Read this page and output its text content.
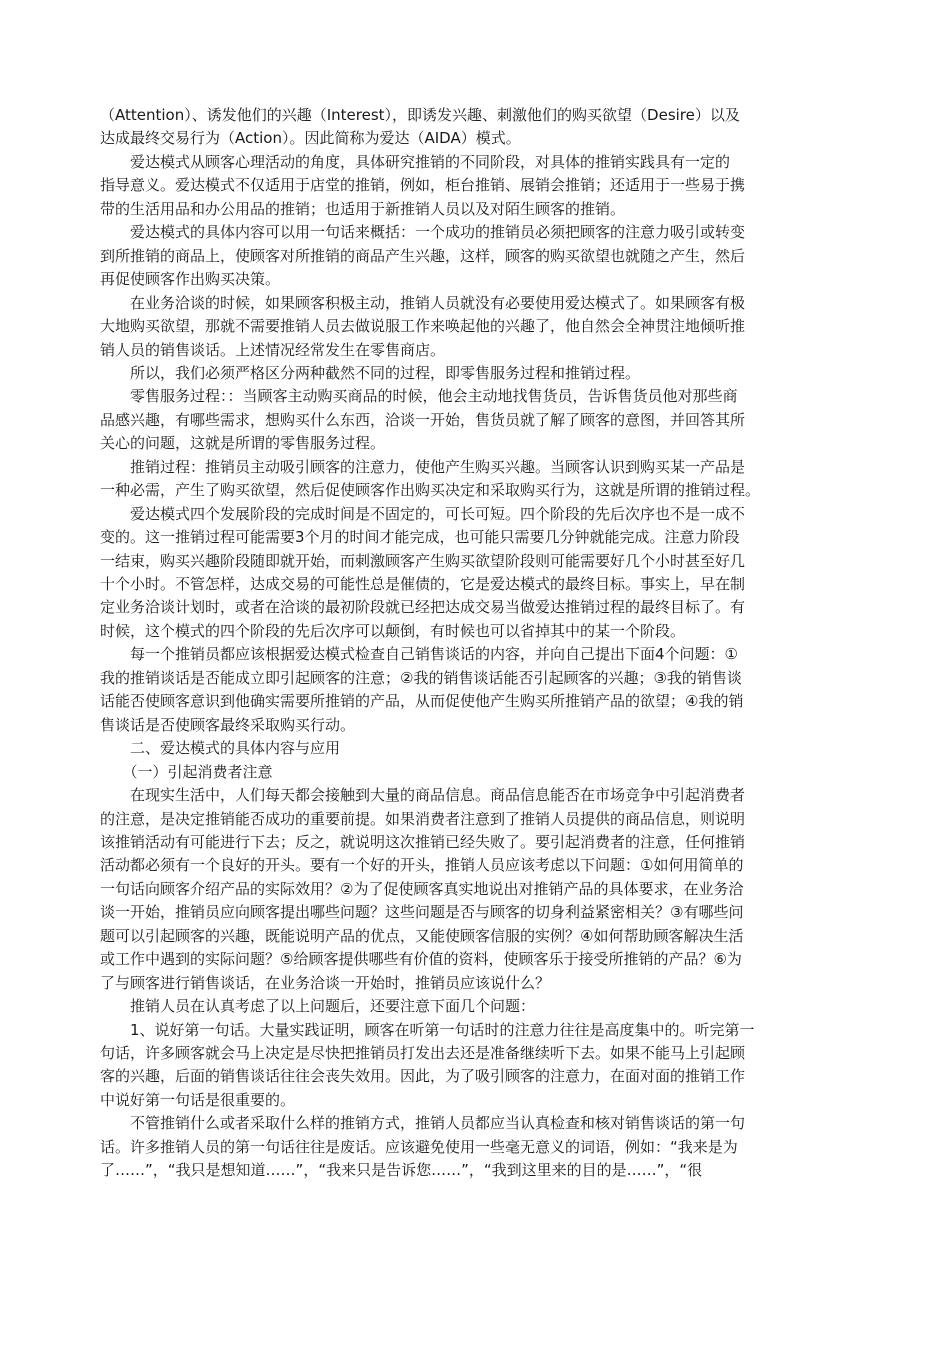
（Attention）、诱发他们的兴趣（Interest），即诱发兴趣、刺激他们的购买欲望（Desire）以及
达成最终交易行为（Action）。因此简称为爱达（AIDA）模式。
　　爱达模式从顾客心理活动的角度，具体研究推销的不同阶段，对具体的推销实践具有一定的
指导意义。爱达模式不仅适用于店堂的推销，例如，柜台推销、展销会推销；还适用于一些易于携
带的生活用品和办公用品的推销；也适用于新推销人员以及对陌生顾客的推销。
　　爱达模式的具体内容可以用一句话来概括：一个成功的推销员必须把顾客的注意力吸引或转变
到所推销的商品上，使顾客对所推销的商品产生兴趣，这样，顾客的购买欲望也就随之产生，然后
再促使顾客作出购买决策。
　　在业务洽谈的时候，如果顾客积极主动，推销人员就没有必要使用爱达模式了。如果顾客有极
大地购买欲望，那就不需要推销人员去做说服工作来唤起他的兴趣了，他自然会全神贯注地倾听推
销人员的销售谈话。上述情况经常发生在零售商店。
　　所以，我们必须严格区分两种截然不同的过程，即零售服务过程和推销过程。
　　零售服务过程：：当顾客主动购买商品的时候，他会主动地找售货员，告诉售货员他对那些商
品感兴趣，有哪些需求，想购买什么东西，洽谈一开始，售货员就了解了顾客的意图，并回答其所
关心的问题，这就是所谓的零售服务过程。
　　推销过程：推销员主动吸引顾客的注意力，使他产生购买兴趣。当顾客认识到购买某一产品是
一种必需，产生了购买欲望，然后促使顾客作出购买决定和采取购买行为，这就是所谓的推销过程。
　　爱达模式四个发展阶段的完成时间是不固定的，可长可短。四个阶段的先后次序也不是一成不
变的。这一推销过程可能需要3个月的时间才能完成，也可能只需要几分钟就能完成。注意力阶段
一结束，购买兴趣阶段随即就开始，而刺激顾客产生购买欲望阶段则可能需要好几个小时甚至好几
十个小时。不管怎样，达成交易的可能性总是催债的，它是爱达模式的最终目标。事实上，早在制
定业务洽谈计划时，或者在洽谈的最初阶段就已经把达成交易当做爱达推销过程的最终目标了。有
时候，这个模式的四个阶段的先后次序可以颠倒，有时候也可以省掉其中的某一个阶段。
　　每一个推销员都应该根据爱达模式检查自己销售谈话的内容，并向自己提出下面4个问题：①
我的推销谈话是否能成立即引起顾客的注意；②我的销售谈话能否引起顾客的兴趣；③我的销售谈
话能否使顾客意识到他确实需要所推销的产品，从而促使他产生购买所推销产品的欲望；④我的销
售谈话是否使顾客最终采取购买行动。
　　二、爱达模式的具体内容与应用
　　（一）引起消费者注意
　　在现实生活中，人们每天都会接触到大量的商品信息。商品信息能否在市场竞争中引起消费者
的注意，是决定推销能否成功的重要前提。如果消费者注意到了推销人员提供的商品信息，则说明
该推销活动有可能进行下去；反之，就说明这次推销已经失败了。要引起消费者的注意，任何推销
活动都必须有一个良好的开头。要有一个好的开头，推销人员应该考虑以下问题：①如何用简单的
一句话向顾客介绍产品的实际效用？②为了促使顾客真实地说出对推销产品的具体要求，在业务洽
谈一开始，推销员应向顾客提出哪些问题？这些问题是否与顾客的切身利益紧密相关？③有哪些问
题可以引起顾客的兴趣，既能说明产品的优点，又能使顾客信服的实例？④如何帮助顾客解决生活
或工作中遇到的实际问题？⑤给顾客提供哪些有价值的资料，使顾客乐于接受所推销的产品？⑥为
了与顾客进行销售谈话，在业务洽谈一开始时，推销员应该说什么？
　　推销人员在认真考虑了以上问题后，还要注意下面几个问题：
　　1、说好第一句话。大量实践证明，顾客在听第一句话时的注意力往往是高度集中的。听完第一
句话，许多顾客就会马上决定是尽快把推销员打发出去还是准备继续听下去。如果不能马上引起顾
客的兴趣，后面的销售谈话往往会丧失效用。因此，为了吸引顾客的注意力，在面对面的推销工作
中说好第一句话是很重要的。
　　不管推销什么或者采取什么样的推销方式，推销人员都应当认真检查和核对销售谈话的第一句
话。许多推销人员的第一句话往往是废话。应该避免使用一些毫无意义的词语，例如：“我来是为
了……”，“我只是想知道……”，“我来只是告诉您……”，“我到这里来的目的是……”，“很
